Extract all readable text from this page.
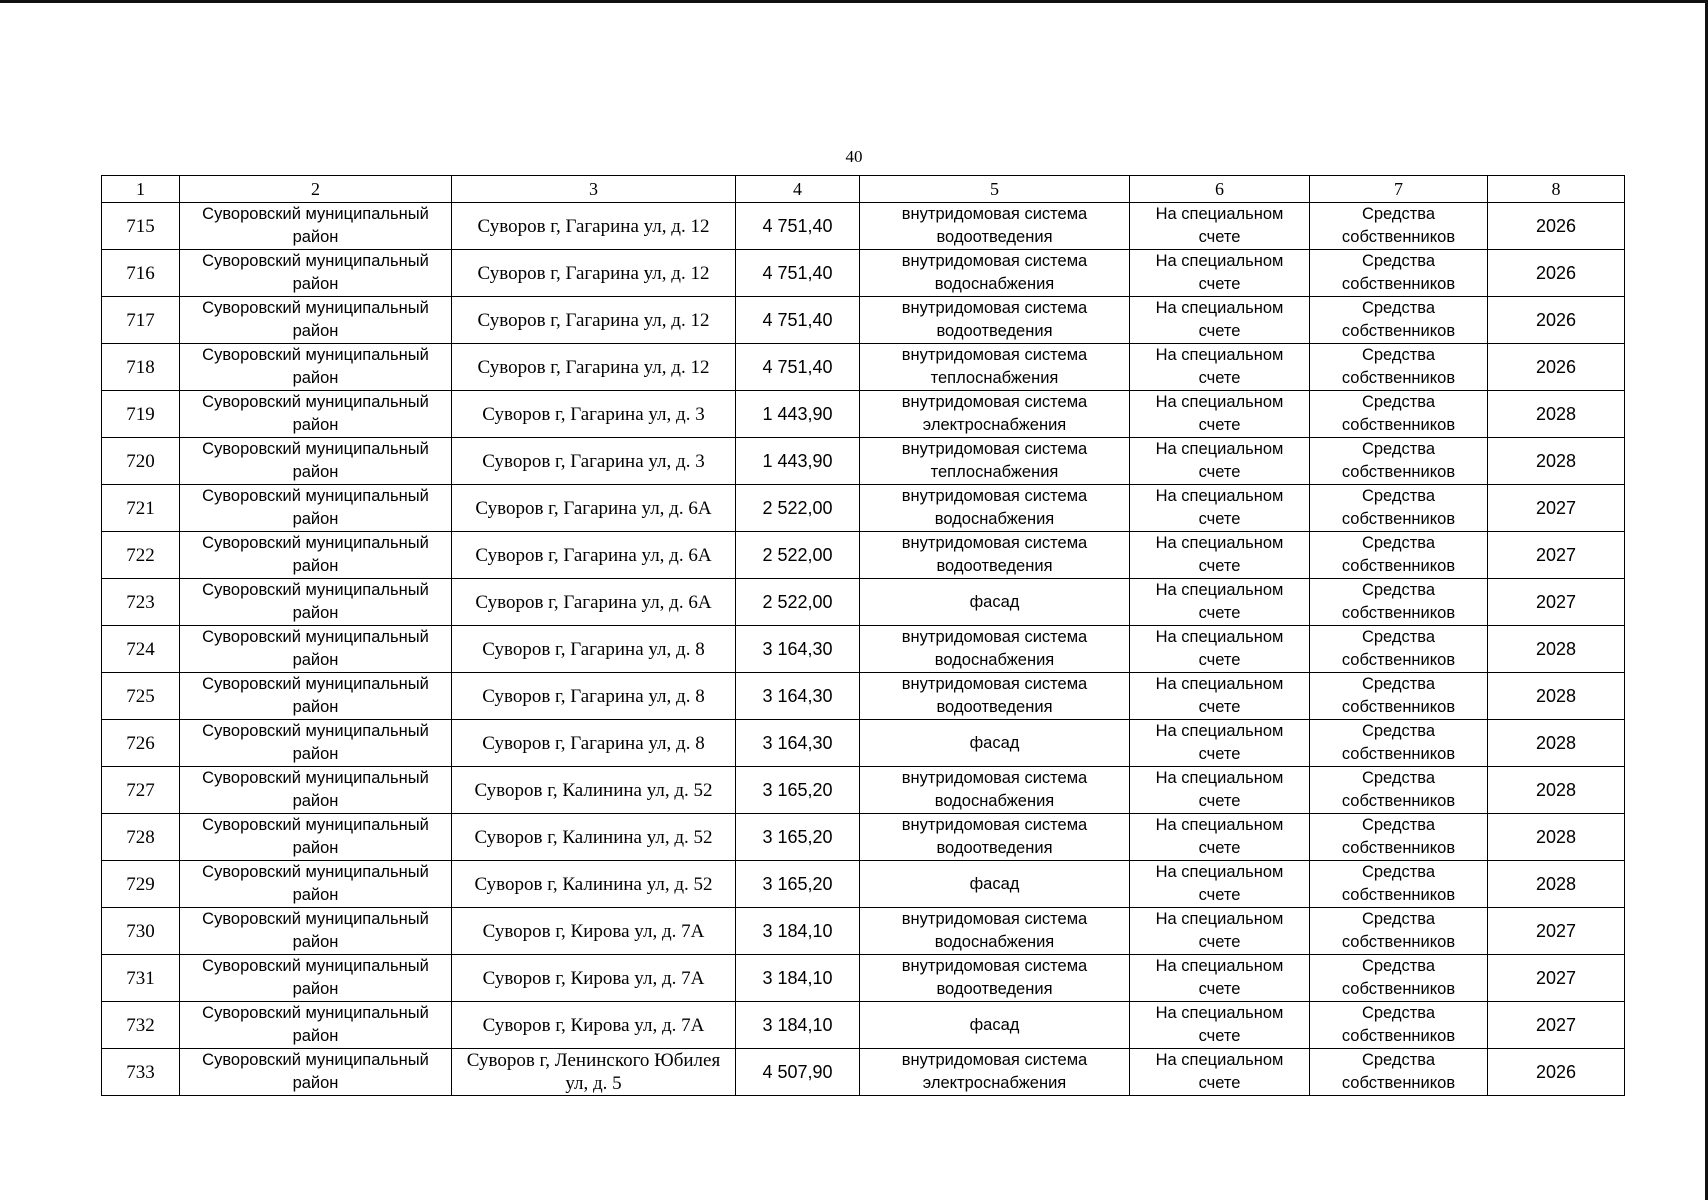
40
1	2	3	4	5	6	7	8

715	Суворовский муниципальный
район	Суворов г, Гагарина ул, д. 12	4 751,40	внутридомовая система
водоотведения	На специальном
счете	Средства
собственников	2026

716	Суворовский муниципальный
район	Суворов г, Гагарина ул, д. 12	4 751,40	внутридомовая система
водоснабжения	На специальном
счете	Средства
собственников	2026

717	Суворовский муниципальный
район	Суворов г, Гагарина ул, д. 12	4 751,40	внутридомовая система
водоотведения	На специальном
счете	Средства
собственников	2026

718	Суворовский муниципальный
район	Суворов г, Гагарина ул, д. 12	4 751,40	внутридомовая система
теплоснабжения	На специальном
счете	Средства
собственников	2026

719	Суворовский муниципальный
район	Суворов г, Гагарина ул, д. 3	1 443,90	внутридомовая система
электроснабжения	На специальном
счете	Средства
собственников	2028

720	Суворовский муниципальный
район	Суворов г, Гагарина ул, д. 3	1 443,90	внутридомовая система
теплоснабжения	На специальном
счете	Средства
собственников	2028

721	Суворовский муниципальный
район	Суворов г, Гагарина ул, д. 6А	2 522,00	внутридомовая система
водоснабжения	На специальном
счете	Средства
собственников	2027

722	Суворовский муниципальный
район	Суворов г, Гагарина ул, д. 6А	2 522,00	внутридомовая система
водоотведения	На специальном
счете	Средства
собственников	2027

723	Суворовский муниципальный
район	Суворов г, Гагарина ул, д. 6А	2 522,00	фасад	На специальном
счете	Средства
собственников	2027

724	Суворовский муниципальный
район	Суворов г, Гагарина ул, д. 8	3 164,30	внутридомовая система
водоснабжения	На специальном
счете	Средства
собственников	2028

725	Суворовский муниципальный
район	Суворов г, Гагарина ул, д. 8	3 164,30	внутридомовая система
водоотведения	На специальном
счете	Средства
собственников	2028

726	Суворовский муниципальный
район	Суворов г, Гагарина ул, д. 8	3 164,30	фасад	На специальном
счете	Средства
собственников	2028

727	Суворовский муниципальный
район	Суворов г, Калинина ул, д. 52	3 165,20	внутридомовая система
водоснабжения	На специальном
счете	Средства
собственников	2028

728	Суворовский муниципальный
район	Суворов г, Калинина ул, д. 52	3 165,20	внутридомовая система
водоотведения	На специальном
счете	Средства
собственников	2028

729	Суворовский муниципальный
район	Суворов г, Калинина ул, д. 52	3 165,20	фасад	На специальном
счете	Средства
собственников	2028

730	Суворовский муниципальный
район	Суворов г, Кирова ул, д. 7А	3 184,10	внутридомовая система
водоснабжения	На специальном
счете	Средства
собственников	2027

731	Суворовский муниципальный
район	Суворов г, Кирова ул, д. 7А	3 184,10	внутридомовая система
водоотведения	На специальном
счете	Средства
собственников	2027

732	Суворовский муниципальный
район	Суворов г, Кирова ул, д. 7А	3 184,10	фасад	На специальном
счете	Средства
собственников	2027

733	Суворовский муниципальный
район	Суворов г, Ленинского Юбилея
ул, д. 5	4 507,90	внутридомовая система
электроснабжения	На специальном
счете	Средства
собственников	2026
